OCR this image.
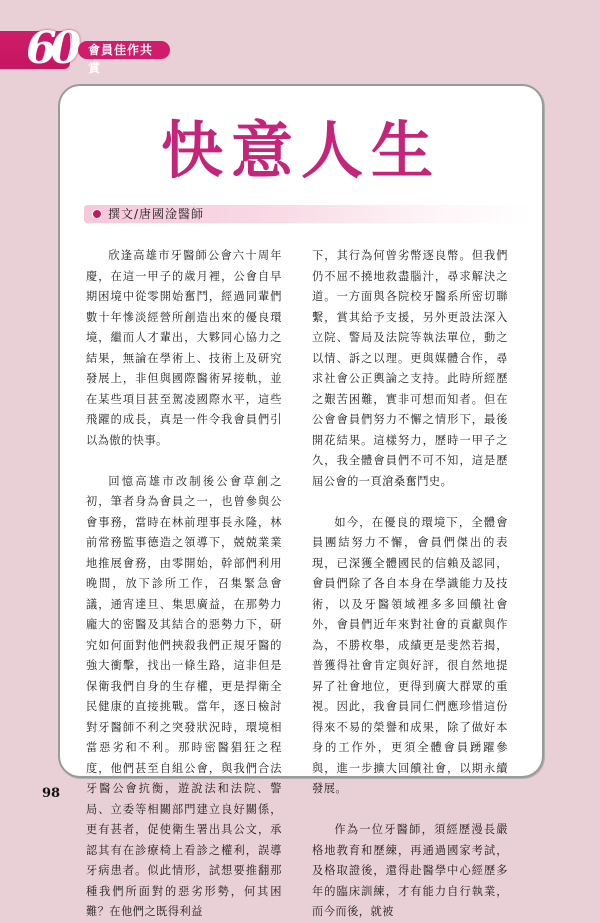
60	會員佳作共賞
快意人生
撰文/唐國淦醫師

欣逢高雄市牙醫師公會六十周年慶，在這一甲子的歲月裡，公會自早期困境中從零開始奮鬥，經過同輩們數十年慘淡經營所創造出來的優良環境，繼而人才輩出，大夥同心協力之結果，無論在學術上、技術上及研究發展上，非但與國際醫術昇接軌，並在某些項目甚至駕凌國際水平，這些飛躍的成長，真是一件令我會員們引以為傲的快事。

回憶高雄市改制後公會草創之初，筆者身為會員之一，也曾參與公會事務，當時在林前理事長永隆，林前常務監事德造之領導下，兢兢業業地推展會務，由零開始，幹部們利用晚間，放下診所工作，召集緊急會議，通宵達旦、集思廣益，在那勢力龐大的密醫及其結合的惡勢力下，研究如何面對他們挾殺我們正規牙醫的強大衝擊，找出一條生路，這非但是保衛我們自身的生存權，更是捍衛全民健康的直接挑戰。當年，逐日檢討對牙醫師不利之突發狀況時，環境相當惡劣和不利。那時密醫猖狂之程度，他們甚至自組公會，與我們合法牙醫公會抗衡，遊說法和法院、警局、立委等相關部門建立良好關係，更有甚者，促使衛生署出具公文，承認其有在診療椅上看診之權利，誤導牙病患者。似此情形，試想要推翻那種我們所面對的惡劣形勢，何其困難？在他們之既得利益

下，其行為何曾劣幣逐良幣。但我們仍不屈不撓地救盡腦汁，尋求解決之道。一方面與各院校牙醫系所密切聯繫，賞其給予支援，另外更設法深入立院、警局及法院等執法單位，動之以情、訴之以理。更與媒體合作，尋求社會公正輿論之支持。此時所經歷之艱苦困難，實非可想而知者。但在公會會員們努力不懈之情形下，最後開花結果。這樣努力，歷時一甲子之久，我全體會員們不可不知，這是歷屆公會的一頁滄桑奮鬥史。

如今，在優良的環境下，全體會員團結努力不懈，會員們傑出的表現，已深獲全體國民的信賴及認同，會員們除了各自本身在學識能力及技術，以及牙醫領域裡多多回饋社會外，會員們近年來對社會的貢獻與作為，不勝枚舉，成績更是斐然若揭，普獲得社會肯定與好評，很自然地提昇了社會地位，更得到廣大群眾的重視。因此，我會員同仁們應珍惜這份得來不易的榮譽和成果，除了做好本身的工作外，更須全體會員踴躍參與，進一步擴大回饋社會，以期永續發展。

作為一位牙醫師，須經歷漫長嚴格地教育和歷練，再通過國家考試，及格取證後，還得赴醫學中心經歷多年的臨床訓練，才有能力自行執業，而今而後，就被

98
